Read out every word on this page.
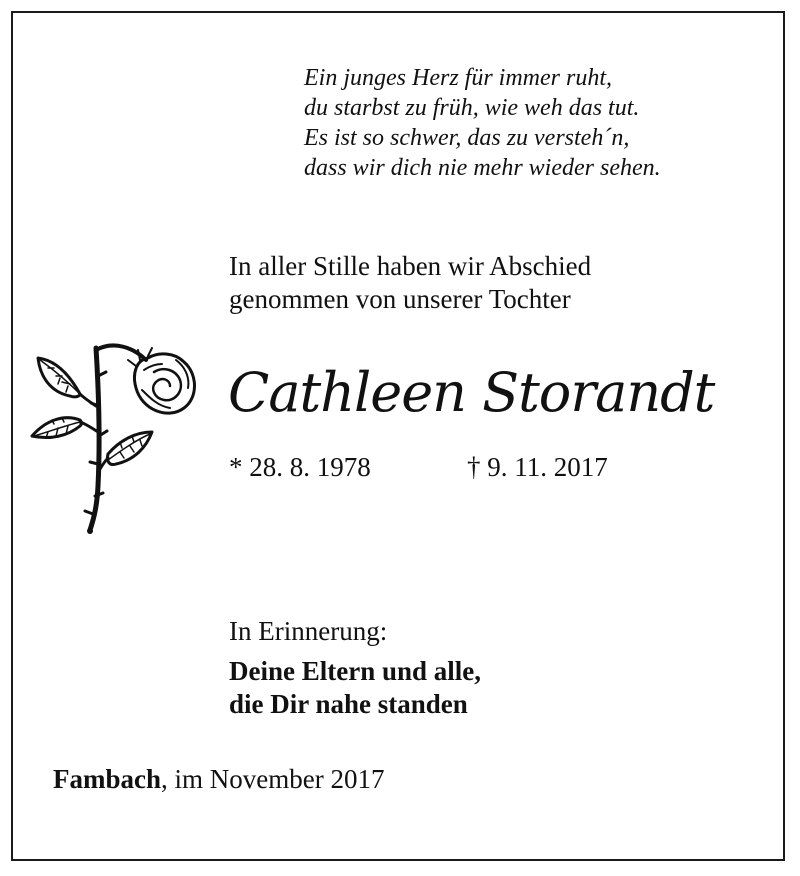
Ein junges Herz für immer ruht,
du starbst zu früh, wie weh das tut.
Es ist so schwer, das zu versteh´n,
dass wir dich nie mehr wieder sehen.
In aller Stille haben wir Abschied
genommen von unserer Tochter
Cathleen Storandt
* 28. 8. 1978	† 9. 11. 2017
In Erinnerung:
Deine Eltern und alle,
die Dir nahe standen
Fambach, im November 2017
